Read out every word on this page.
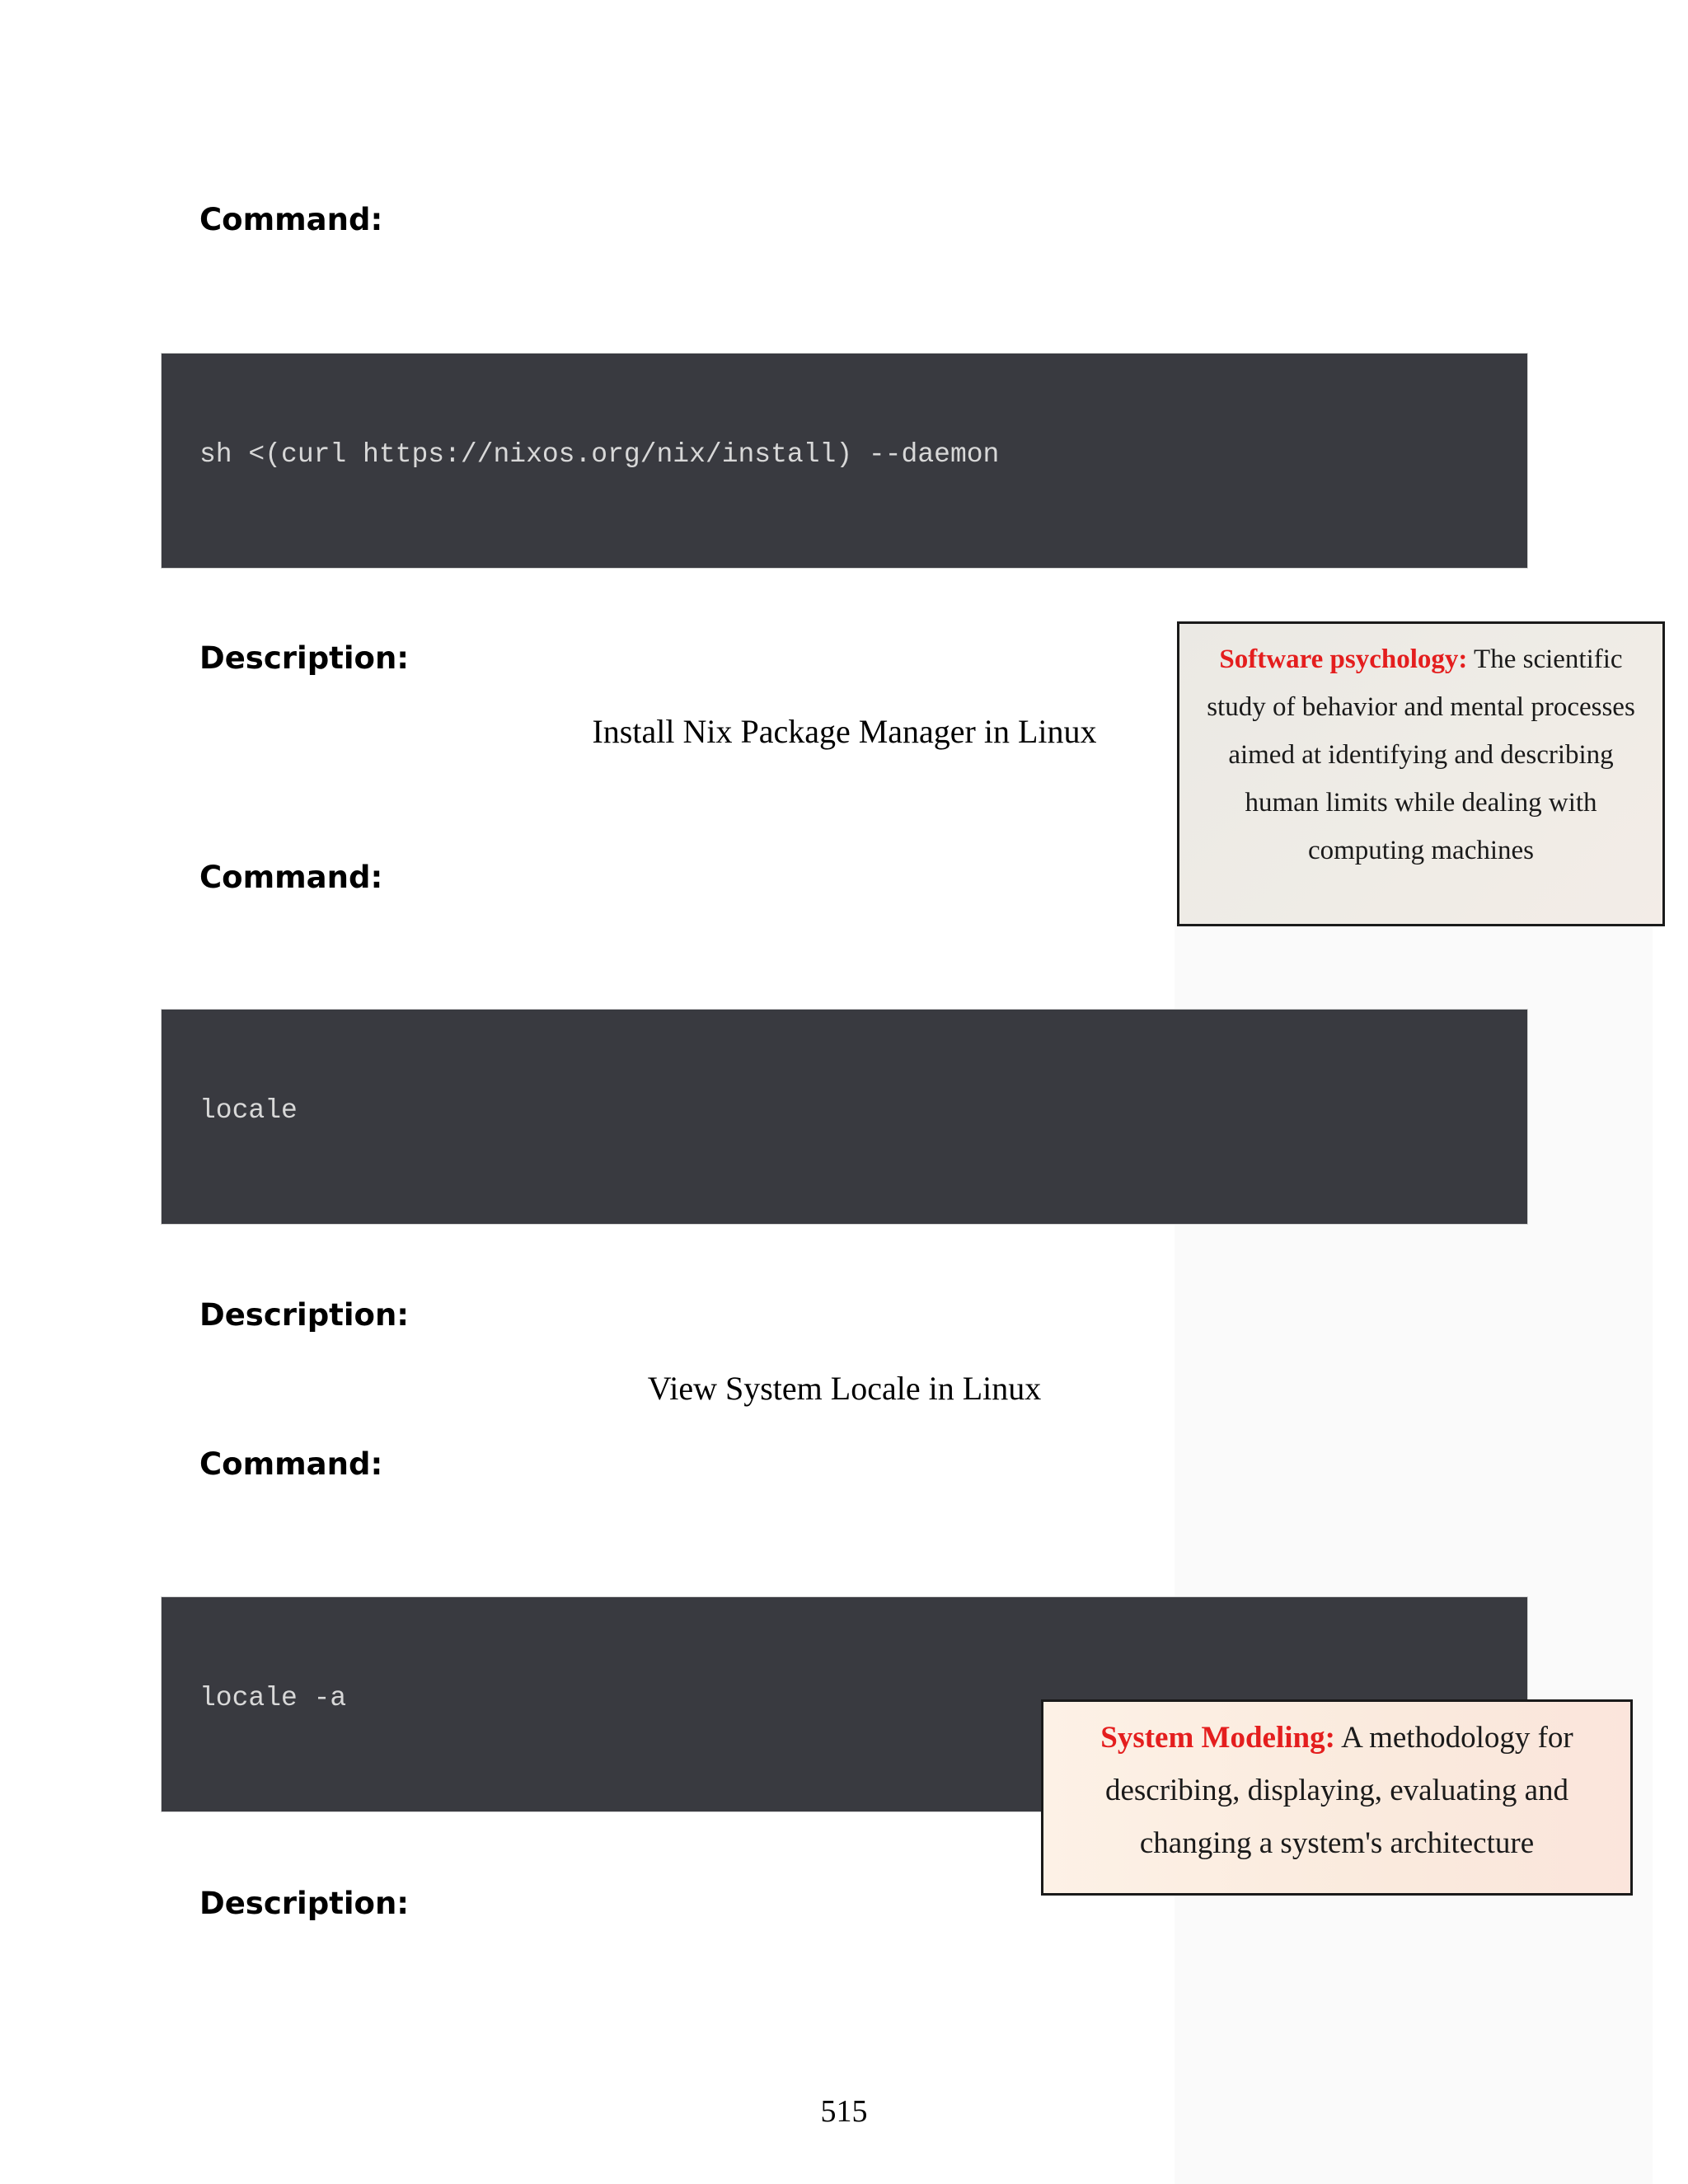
Command:
sh <(curl https://nixos.org/nix/install) --daemon
Description:
Install Nix Package Manager in Linux
Command:
locale
Description:
View System Locale in Linux
Command:
locale -a
Description:
Software psychology: The scientific study of behavior and mental processes aimed at identifying and describing human limits while dealing with computing machines
System Modeling: A methodology for describing, displaying, evaluating and changing a system's architecture
515
